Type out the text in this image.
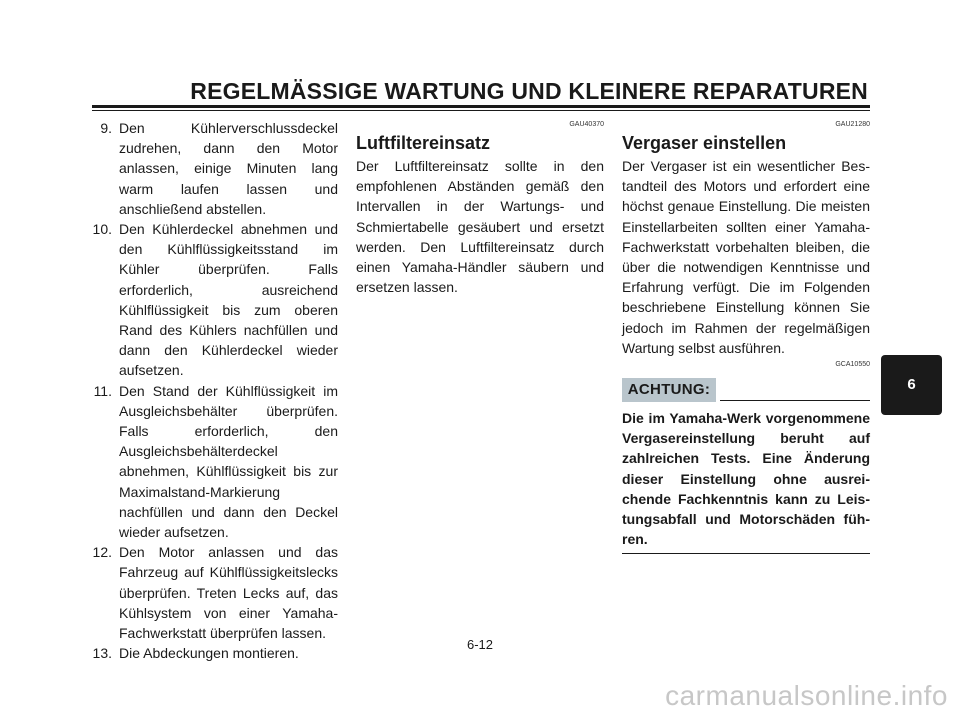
REGELMÄSSIGE WARTUNG UND KLEINERE REPARATUREN
9. Den Kühlerverschlussdeckel zudrehen, dann den Motor anlassen, einige Minuten lang warm laufen lassen und anschließend abstellen.
10. Den Kühlerdeckel abnehmen und den Kühlflüssigkeitsstand im Kühler überprüfen. Falls erforderlich, ausreichend Kühlflüssigkeit bis zum oberen Rand des Kühlers nachfüllen und dann den Kühlerdeckel wieder aufsetzen.
11. Den Stand der Kühlflüssigkeit im Ausgleichsbehälter überprüfen. Falls erforderlich, den Ausgleichsbehälterdeckel abnehmen, Kühlflüssigkeit bis zur Maximalstand-Markierung nachfüllen und dann den Deckel wieder aufsetzen.
12. Den Motor anlassen und das Fahrzeug auf Kühlflüssigkeitslecks überprüfen. Treten Lecks auf, das Kühlsystem von einer Yamaha-Fachwerkstatt überprüfen lassen.
13. Die Abdeckungen montieren.
GAU40370
Luftfiltereinsatz

Der Luftfiltereinsatz sollte in den empfohlenen Abständen gemäß den Intervallen in der Wartungs- und Schmiertabelle gesäubert und ersetzt werden. Den Luftfiltereinsatz durch einen Yamaha-Händler säubern und ersetzen lassen.

GAU21280
Vergaser einstellen

Der Vergaser ist ein wesentlicher Bestandteil des Motors und erfordert eine höchst genaue Einstellung. Die meisten Einstellarbeiten sollten einer Yamaha-Fachwerkstatt vorbehalten bleiben, die über die notwendigen Kenntnisse und Erfahrung verfügt. Die im Folgenden beschriebene Einstellung können Sie jedoch im Rahmen der regelmäßigen Wartung selbst ausführen.

GCA10550
ACHTUNG:

Die im Yamaha-Werk vorgenommene Vergasereinstellung beruht auf zahlreichen Tests. Eine Änderung dieser Einstellung ohne ausreichende Fachkenntnis kann zu Leistungsabfall und Motorschäden führen.

6
6-12
carmanualsonline.info
